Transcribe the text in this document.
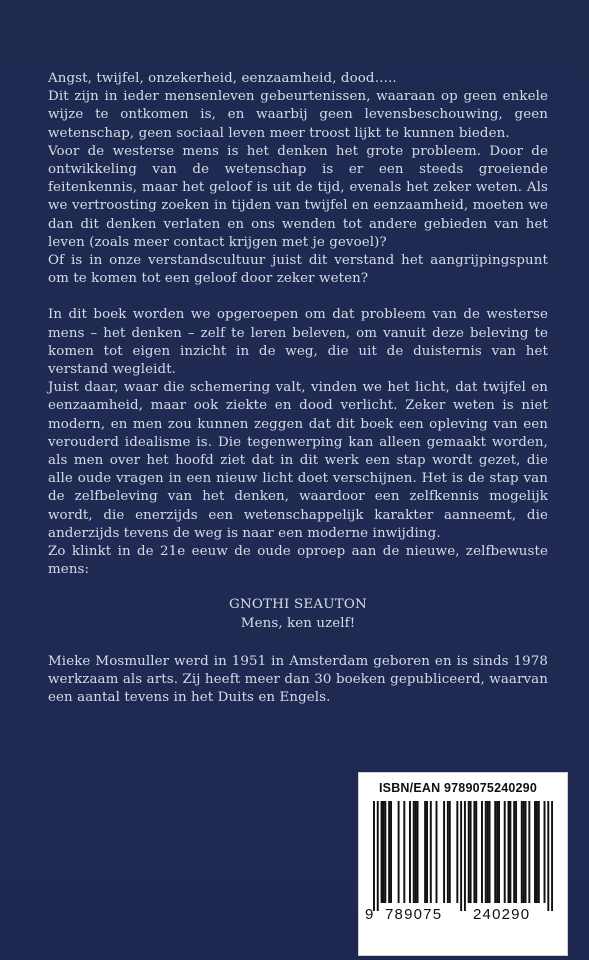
Angst, twijfel, onzekerheid, eenzaamheid, dood…..

Dit zijn in ieder mensenleven gebeurtenissen, waaraan op geen enkele wijze te ontkomen is, en waarbij geen levensbeschouwing, geen wetenschap, geen sociaal leven meer troost lijkt te kunnen bieden.

Voor de westerse mens is het denken het grote probleem. Door de ontwikkeling van de wetenschap is er een steeds groeiende feitenkennis, maar het geloof is uit de tijd, evenals het zeker weten. Als we vertroosting zoeken in tijden van twijfel en eenzaamheid, moeten we dan dit denken verlaten en ons wenden tot andere gebieden van het leven (zoals meer contact krijgen met je gevoel)?

Of is in onze verstandscultuur juist dit verstand het aangrijpingspunt om te komen tot een geloof door zeker weten?

In dit boek worden we opgeroepen om dat probleem van de westerse mens – het denken – zelf te leren beleven, om vanuit deze beleving te komen tot eigen inzicht in de weg, die uit de duisternis van het verstand wegleidt.

Juist daar, waar die schemering valt, vinden we het licht, dat twijfel en eenzaamheid, maar ook ziekte en dood verlicht. Zeker weten is niet modern, en men zou kunnen zeggen dat dit boek een opleving van een verouderd idealisme is. Die tegenwerping kan alleen gemaakt worden, als men over het hoofd ziet dat in dit werk een stap wordt gezet, die alle oude vragen in een nieuw licht doet verschijnen. Het is de stap van de zelfbeleving van het denken, waardoor een zelfkennis mogelijk wordt, die enerzijds een wetenschappelijk karakter aanneemt, die anderzijds tevens de weg is naar een moderne inwijding.

Zo klinkt in de 21e eeuw de oude oproep aan de nieuwe, zelfbewuste mens:

GNOTHI SEAUTON

Mens, ken uzelf!

Mieke Mosmuller werd in 1951 in Amsterdam geboren en is sinds 1978 werkzaam als arts. Zij heeft meer dan 30 boeken gepubliceerd, waarvan een aantal tevens in het Duits en Engels.

ISBN/EAN 9789075240290
9 789075 240290
